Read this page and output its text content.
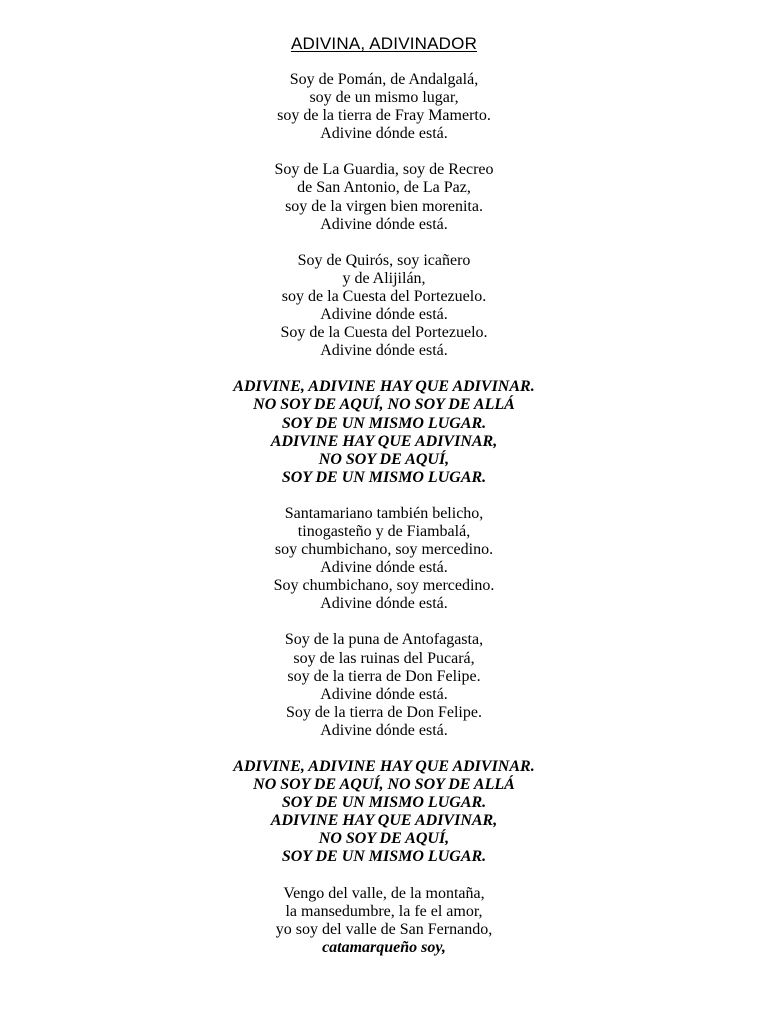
ADIVINA, ADIVINADOR
Soy de Pomán, de Andalgalá,
soy de un mismo lugar,
soy de la tierra de Fray Mamerto.
Adivine dónde está.
Soy de La Guardia, soy de Recreo
de San Antonio, de La Paz,
soy de la virgen bien morenita.
Adivine dónde está.
Soy de Quirós, soy icañero
y de Alijilán,
soy de la Cuesta del Portezuelo.
Adivine dónde está.
Soy de la Cuesta del Portezuelo.
Adivine dónde está.
ADIVINE, ADIVINE HAY QUE ADIVINAR.
NO SOY DE AQUÍ, NO SOY DE ALLÁ
SOY DE UN MISMO LUGAR.
ADIVINE HAY QUE ADIVINAR,
NO SOY DE AQUÍ,
SOY DE UN MISMO LUGAR.
Santamariano también belicho,
tinogasteño y de Fiambalá,
soy chumbichano, soy mercedino.
Adivine dónde está.
Soy chumbichano, soy mercedino.
Adivine dónde está.
Soy de la puna de Antofagasta,
soy de las ruinas del Pucará,
soy de la tierra de Don Felipe.
Adivine dónde está.
Soy de la tierra de Don Felipe.
Adivine dónde está.
ADIVINE, ADIVINE HAY QUE ADIVINAR.
NO SOY DE AQUÍ, NO SOY DE ALLÁ
SOY DE UN MISMO LUGAR.
ADIVINE HAY QUE ADIVINAR,
NO SOY DE AQUÍ,
SOY DE UN MISMO LUGAR.
Vengo del valle, de la montaña,
la mansedumbre, la fe el amor,
yo soy del valle de San Fernando,
catamarqueño soy,
